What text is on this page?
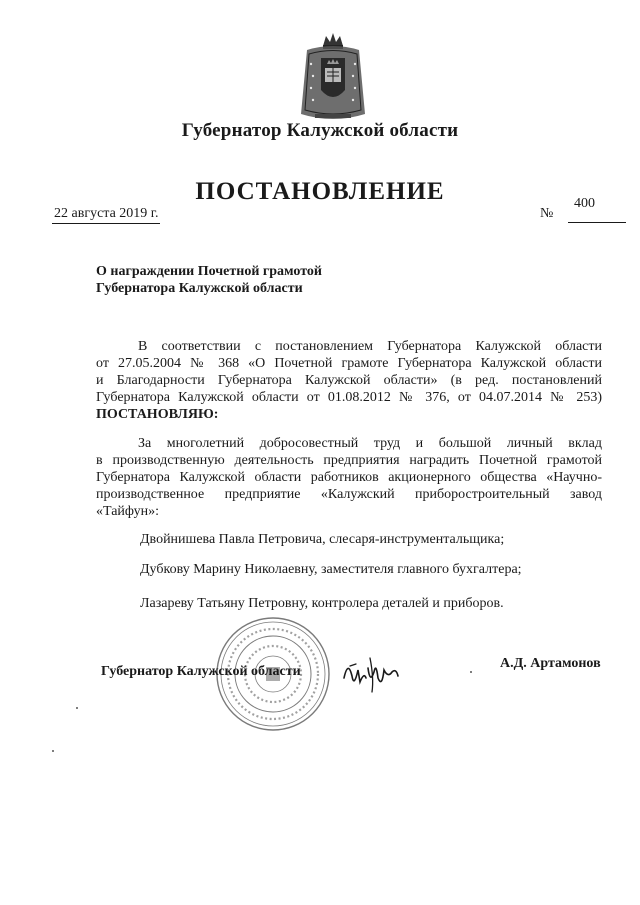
Губернатор Калужской области
ПОСТАНОВЛЕНИЕ
22 августа 2019 г.	№
400
О награждении Почетной грамотой
Губернатора Калужской области
В соответствии с постановлением Губернатора Калужской области
от 27.05.2004 № 368 «О Почетной грамоте Губернатора Калужской области
и Благодарности Губернатора Калужской области» (в ред. постановлений
Губернатора Калужской области от 01.08.2012 № 376, от 04.07.2014 № 253)
ПОСТАНОВЛЯЮ:
За многолетний добросовестный труд и большой личный вклад
в производственную деятельность предприятия наградить Почетной грамотой
Губернатора Калужской области работников акционерного общества «Научно-
производственное предприятие «Калужский приборостроительный завод
«Тайфун»:
Двойнишева Павла Петровича, слесаря-инструментальщика;
Дубкову Марину Николаевну, заместителя главного бухгалтера;
Лазареву Татьяну Петровну, контролера деталей и приборов.
Губернатор Калужской области
А.Д. Артамонов
